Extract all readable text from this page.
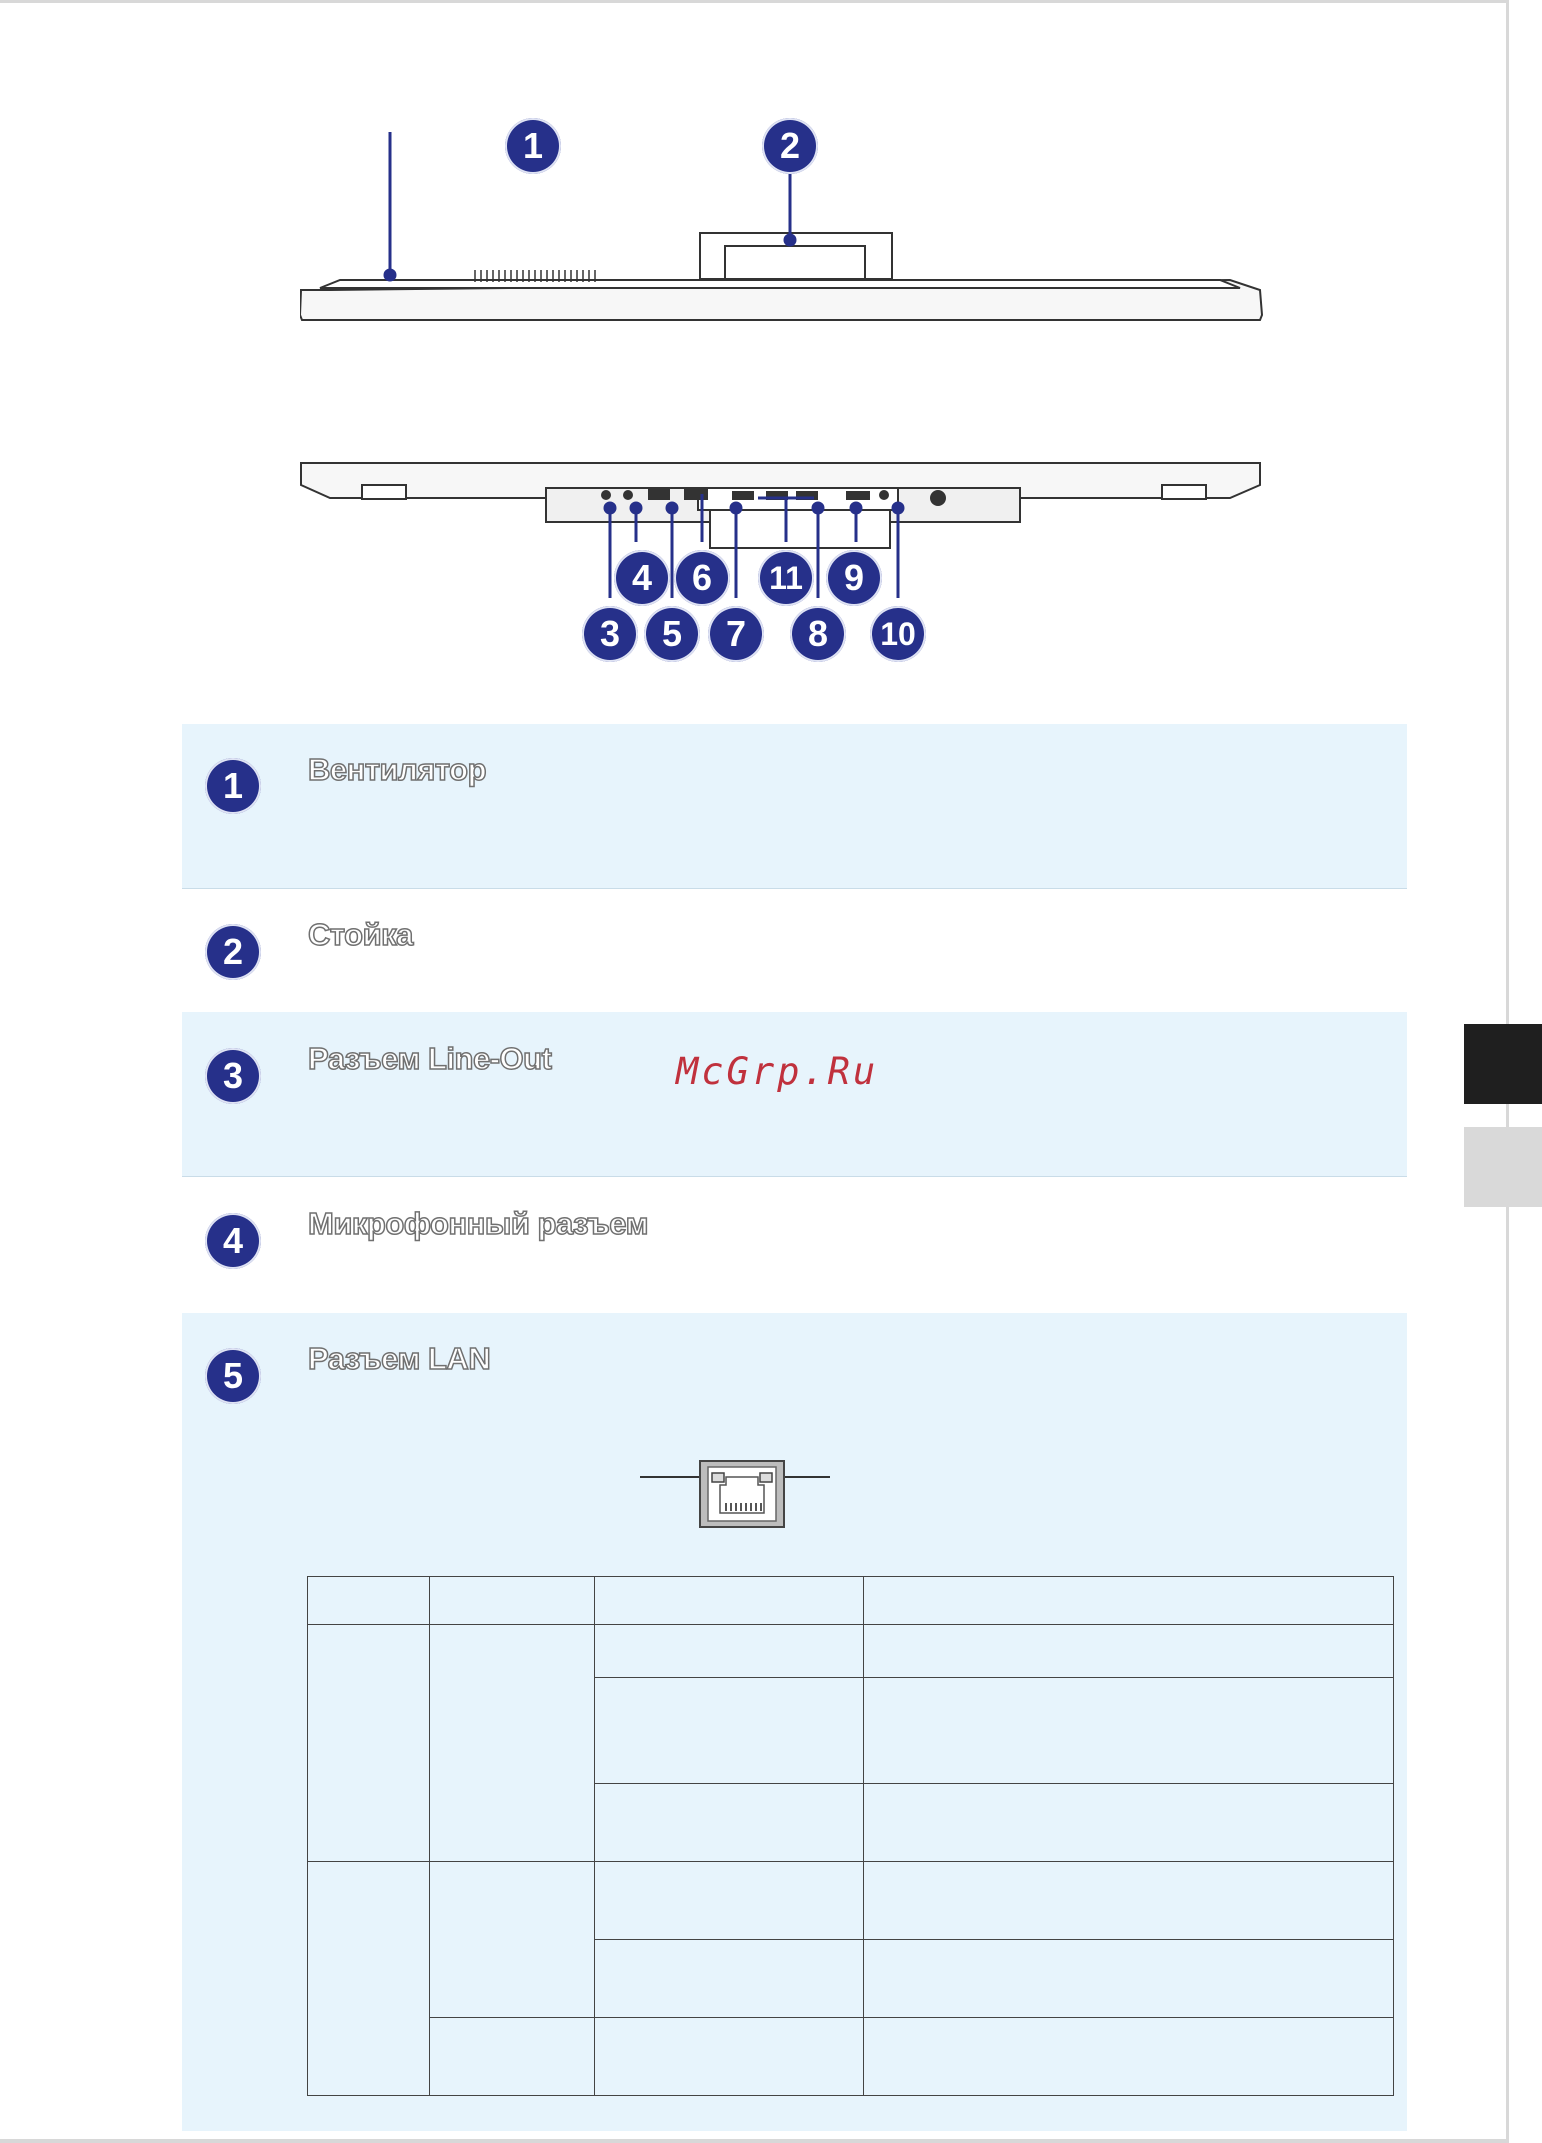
1	2
4	6	11	9
3	5	7	8	10
1	Вентилятор
2	Стойка
3	Разъем Line-Out	McGrp.Ru
4	Микрофонный разъем
5	Разъем LAN
